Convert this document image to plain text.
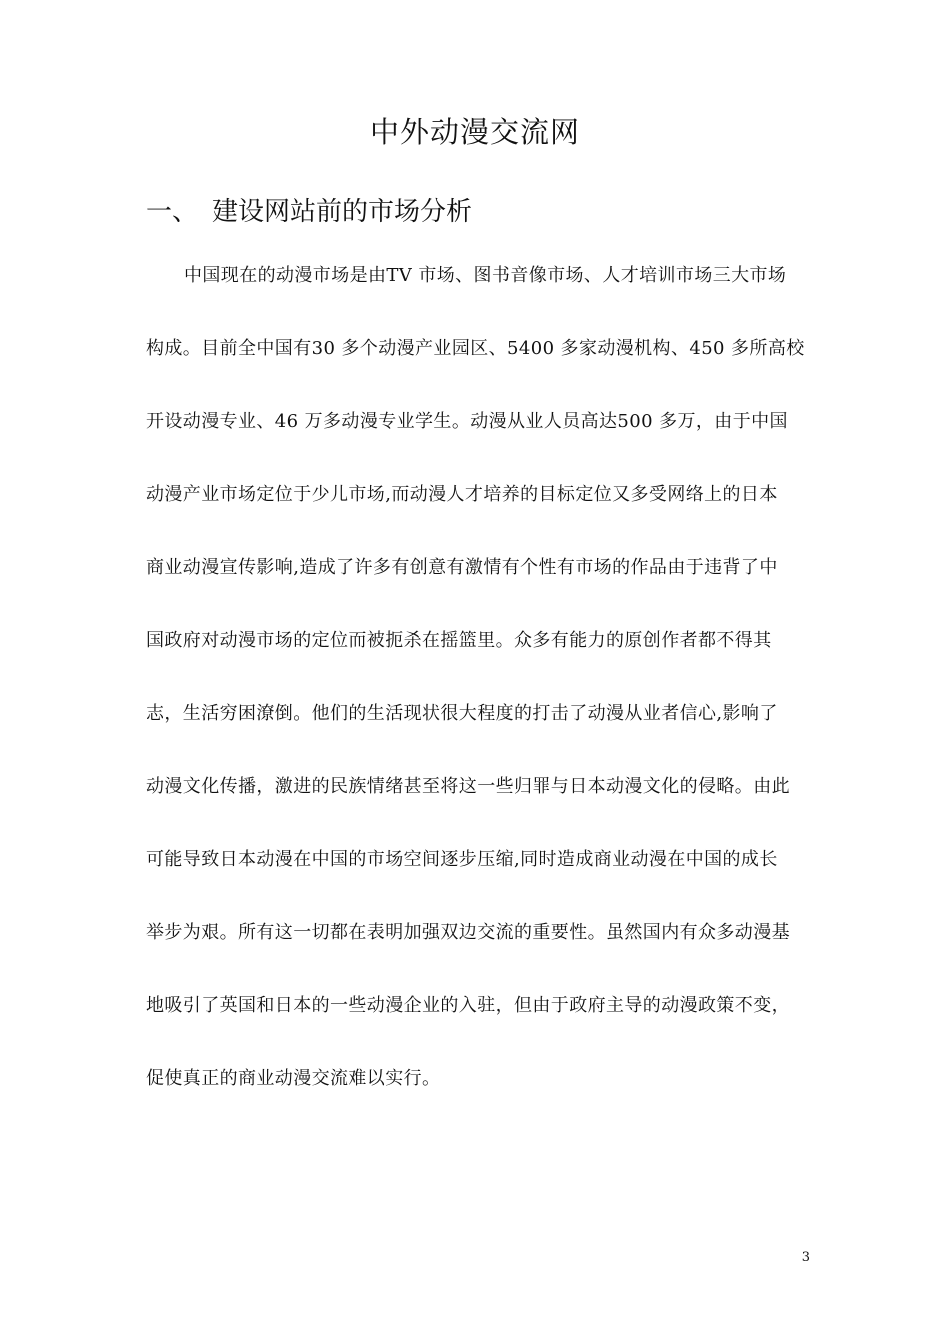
中外动漫交流网
一、 建设网站前的市场分析
中国现在的动漫市场是由TV 市场、图书音像市场、人才培训市场三大市场
构成。目前全中国有30 多个动漫产业园区、5400 多家动漫机构、450 多所高校
开设动漫专业、46 万多动漫专业学生。动漫从业人员高达500 多万，由于中国
动漫产业市场定位于少儿市场,而动漫人才培养的目标定位又多受网络上的日本
商业动漫宣传影响,造成了许多有创意有激情有个性有市场的作品由于违背了中
国政府对动漫市场的定位而被扼杀在摇篮里。众多有能力的原创作者都不得其
志，生活穷困潦倒。他们的生活现状很大程度的打击了动漫从业者信心,影响了
动漫文化传播，激进的民族情绪甚至将这一些归罪与日本动漫文化的侵略。由此
可能导致日本动漫在中国的市场空间逐步压缩,同时造成商业动漫在中国的成长
举步为艰。所有这一切都在表明加强双边交流的重要性。虽然国内有众多动漫基
地吸引了英国和日本的一些动漫企业的入驻，但由于政府主导的动漫政策不变，
促使真正的商业动漫交流难以实行。
3
